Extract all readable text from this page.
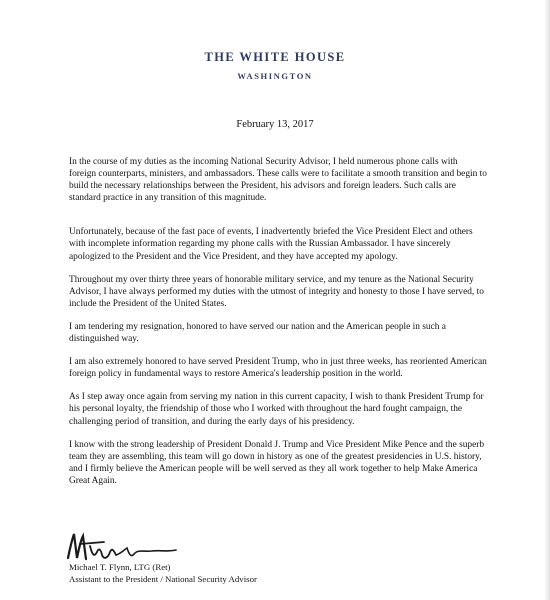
THE WHITE HOUSE
WASHINGTON
February 13, 2017

In the course of my duties as the incoming National Security Advisor, I held numerous phone calls with foreign counterparts, ministers, and ambassadors. These calls were to facilitate a smooth transition and begin to build the necessary relationships between the President, his advisors and foreign leaders. Such calls are standard practice in any transition of this magnitude.

Unfortunately, because of the fast pace of events, I inadvertently briefed the Vice President Elect and others with incomplete information regarding my phone calls with the Russian Ambassador. I have sincerely apologized to the President and the Vice President, and they have accepted my apology.

Throughout my over thirty three years of honorable military service, and my tenure as the National Security Advisor, I have always performed my duties with the utmost of integrity and honesty to those I have served, to include the President of the United States.

I am tendering my resignation, honored to have served our nation and the American people in such a distinguished way.

I am also extremely honored to have served President Trump, who in just three weeks, has reoriented American foreign policy in fundamental ways to restore America's leadership position in the world.

As I step away once again from serving my nation in this current capacity, I wish to thank President Trump for his personal loyalty, the friendship of those who I worked with throughout the hard fought campaign, the challenging period of transition, and during the early days of his presidency.

I know with the strong leadership of President Donald J. Trump and Vice President Mike Pence and the superb team they are assembling, this team will go down in history as one of the greatest presidencies in U.S. history, and I firmly believe the American people will be well served as they all work together to help Make America Great Again.

Michael T. Flynn, LTG (Ret)
Assistant to the President / National Security Advisor
